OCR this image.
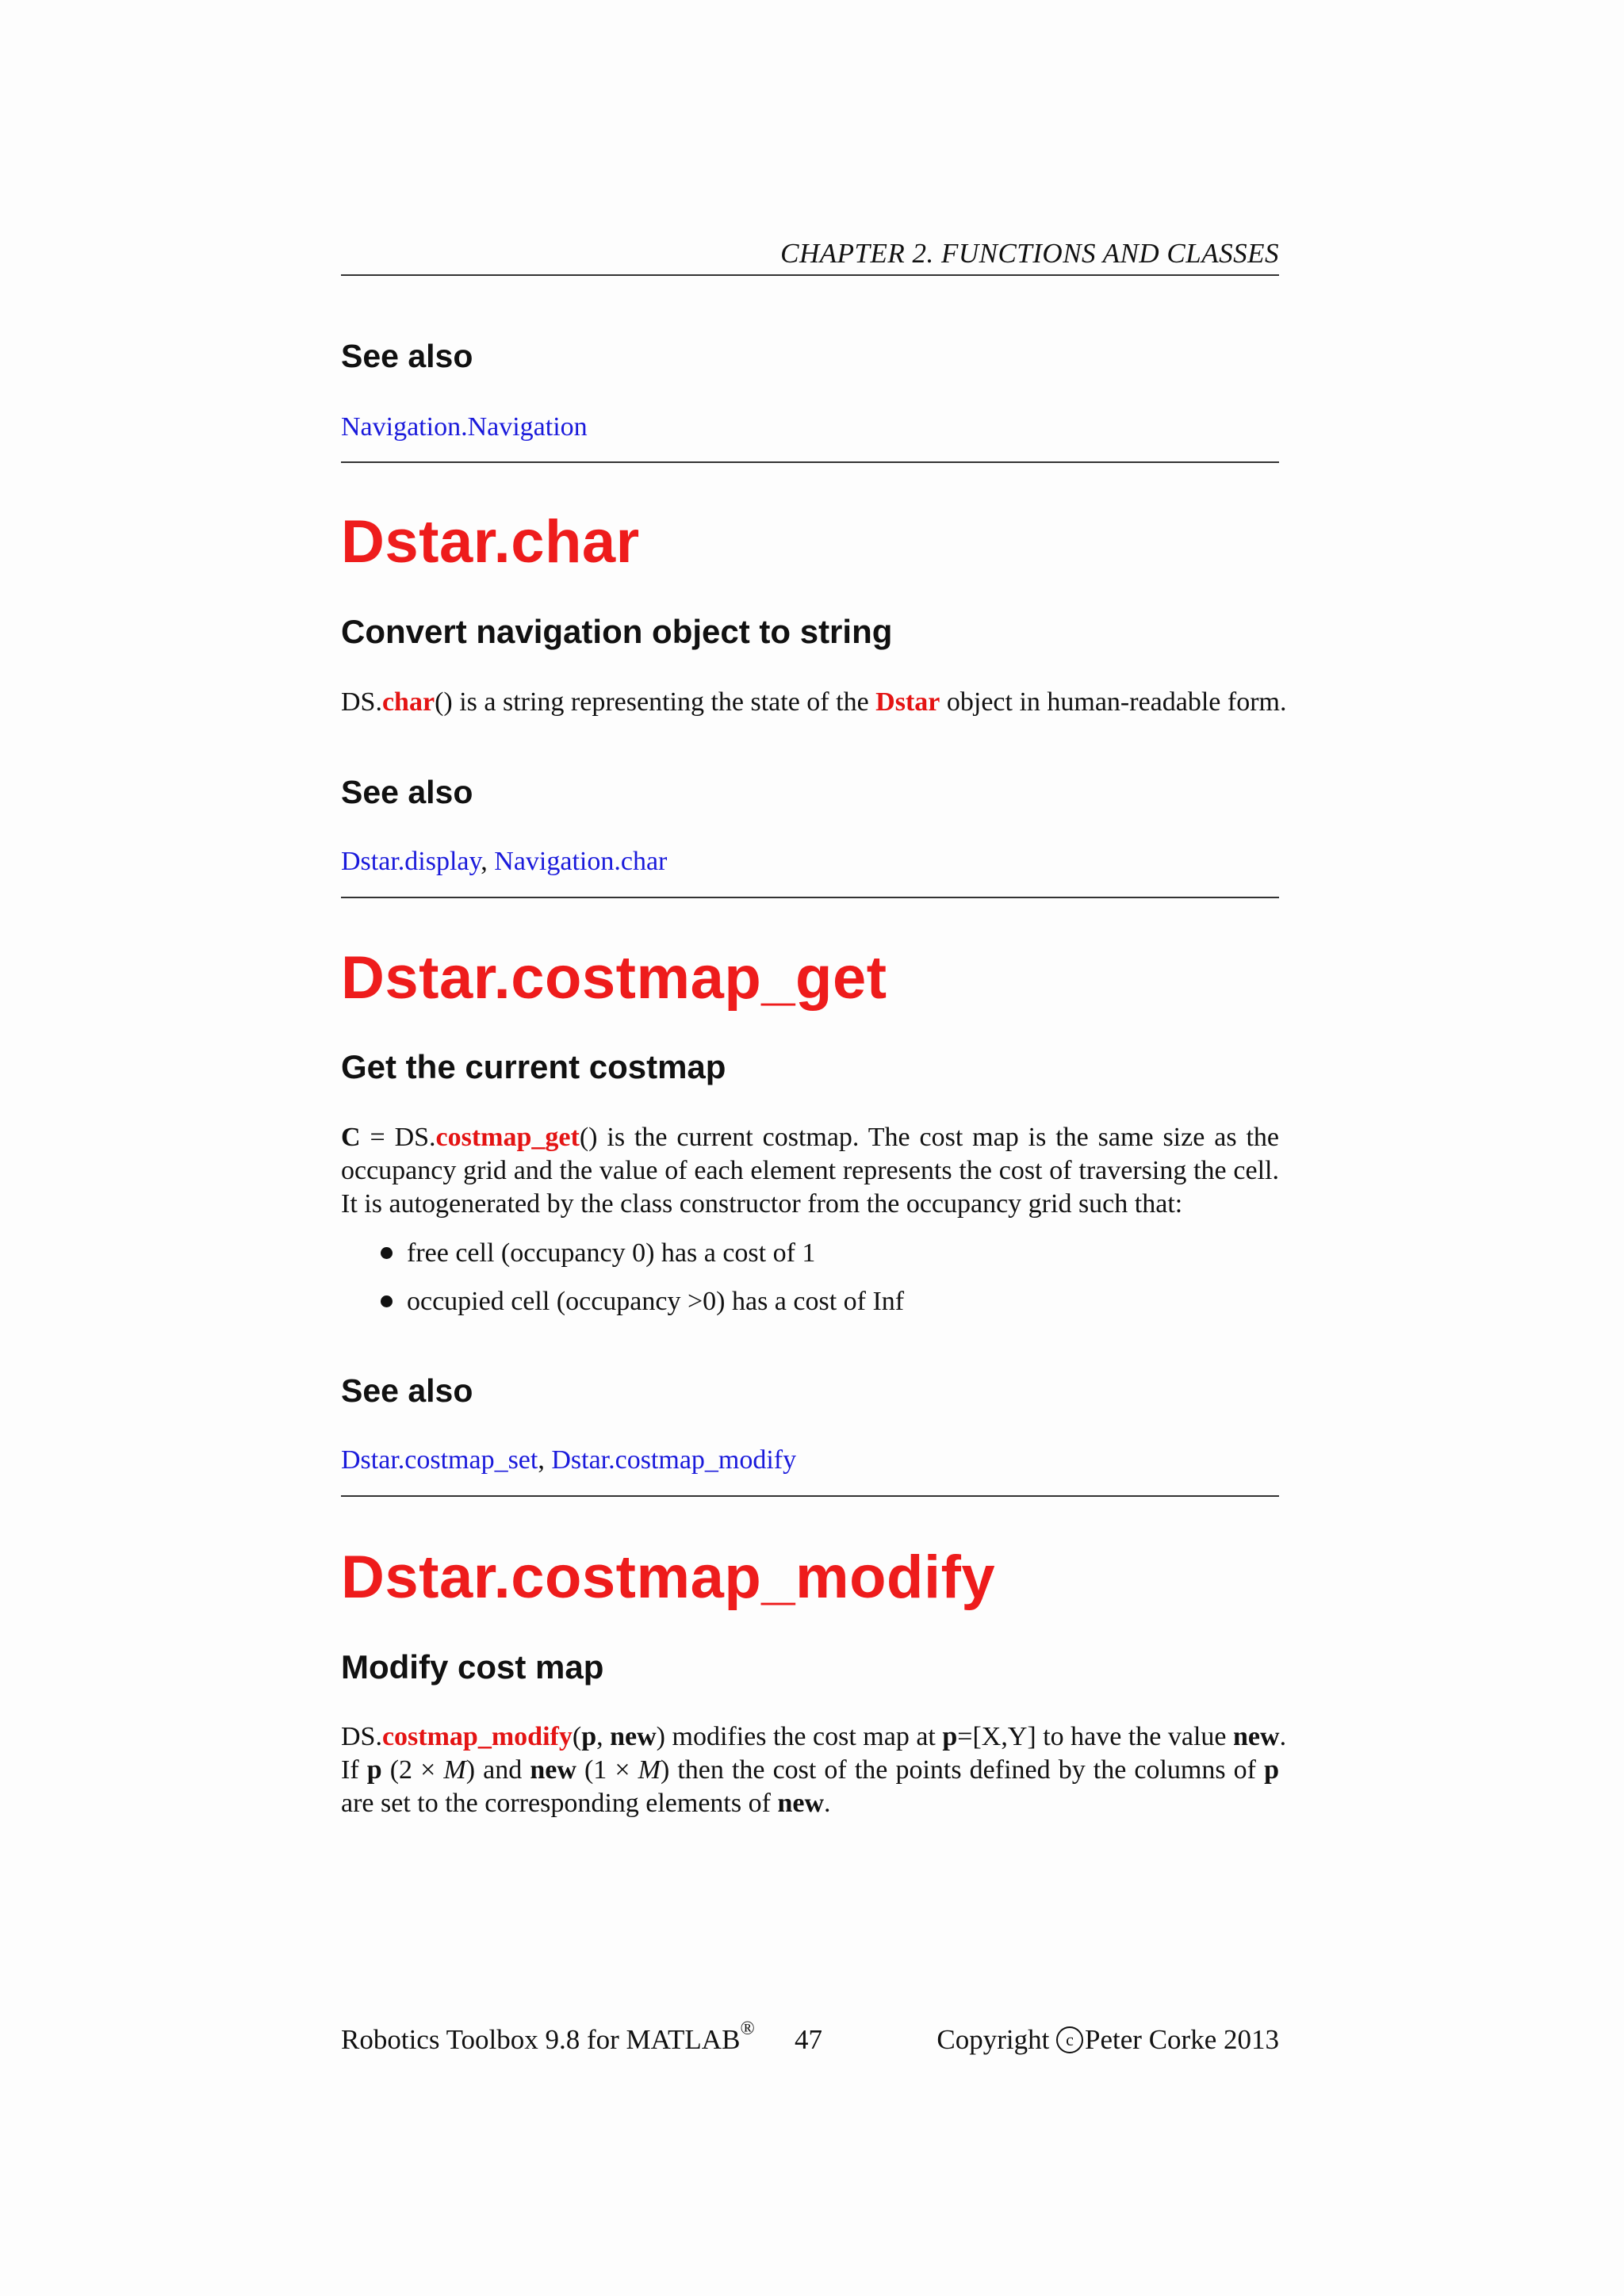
CHAPTER 2. FUNCTIONS AND CLASSES
See also
Navigation.Navigation
Dstar.char
Convert navigation object to string
DS.char() is a string representing the state of the Dstar object in human-readable form.
See also
Dstar.display, Navigation.char
Dstar.costmap_get
Get the current costmap
C = DS.costmap_get() is the current costmap. The cost map is the same size as the
occupancy grid and the value of each element represents the cost of traversing the cell.
It is autogenerated by the class constructor from the occupancy grid such that:
free cell (occupancy 0) has a cost of 1
occupied cell (occupancy >0) has a cost of Inf
See also
Dstar.costmap_set, Dstar.costmap_modify
Dstar.costmap_modify
Modify cost map
DS.costmap_modify(p, new) modifies the cost map at p=[X,Y] to have the value new.
If p (2 × M) and new (1 × M) then the cost of the points defined by the columns of p
are set to the corresponding elements of new.
Robotics Toolbox 9.8 for MATLAB® 47	Copyright c Peter Corke 2013
